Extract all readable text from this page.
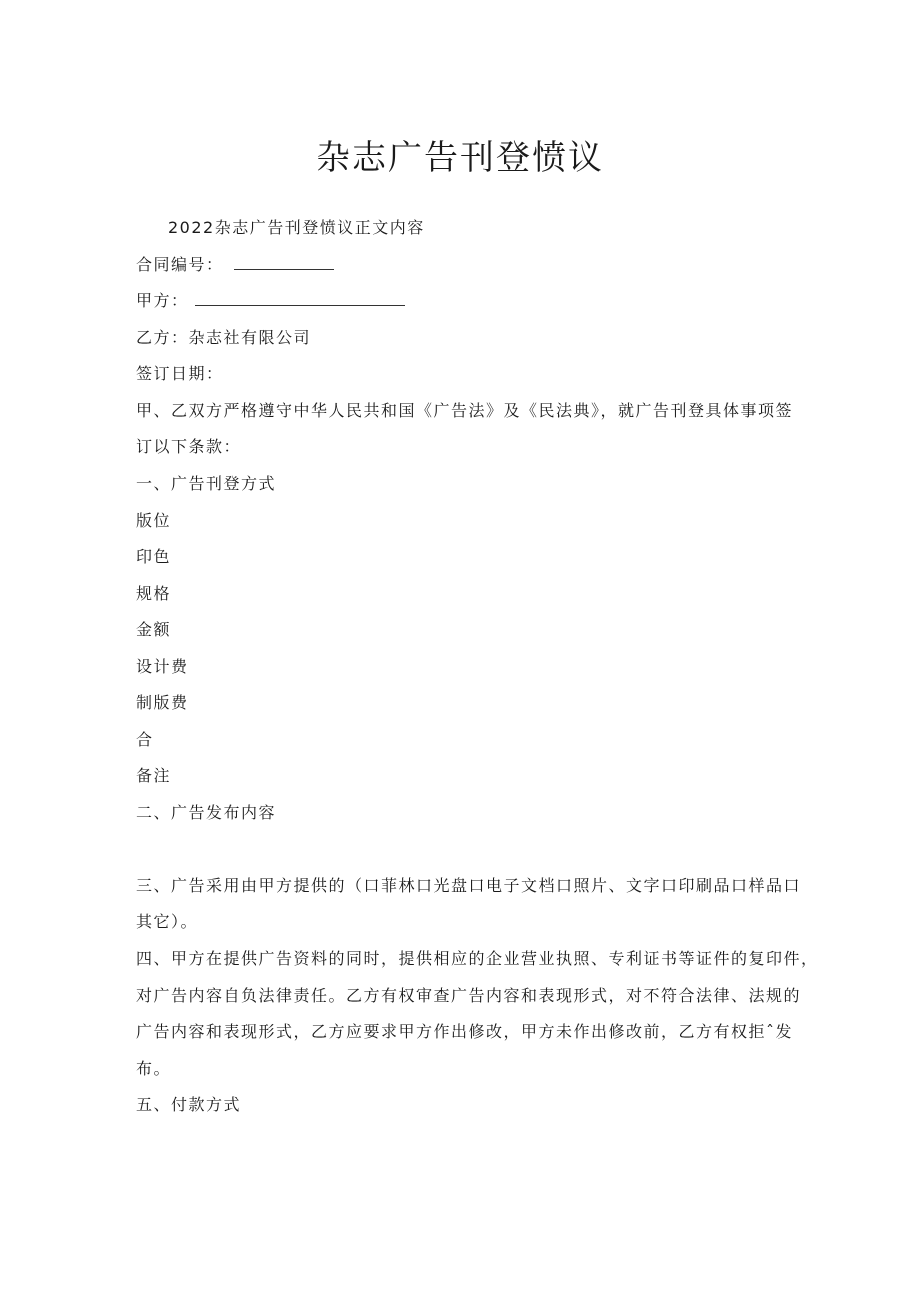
杂志广告刊登愤议

2022杂志广告刊登愤议正文内容

合同编号：

甲方：

乙方：杂志社有限公司

签订日期：

甲、乙双方严格遵守中华人民共和国《广告法》及《民法典》，就广告刊登具体事项签

订以下条款：

一、广告刊登方式

版位

印色

规格

金额

设计费

制版费

合

备注

二、广告发布内容

三、广告采用由甲方提供的（口菲林口光盘口电子文档口照片、文字口印刷品口样品口

其它）。

四、甲方在提供广告资料的同时，提供相应的企业营业执照、专利证书等证件的复印件，

对广告内容自负法律责任。乙方有权审查广告内容和表现形式，对不符合法律、法规的

广告内容和表现形式，乙方应要求甲方作出修改，甲方未作出修改前，乙方有权拒ˆ发

布。

五、付款方式
